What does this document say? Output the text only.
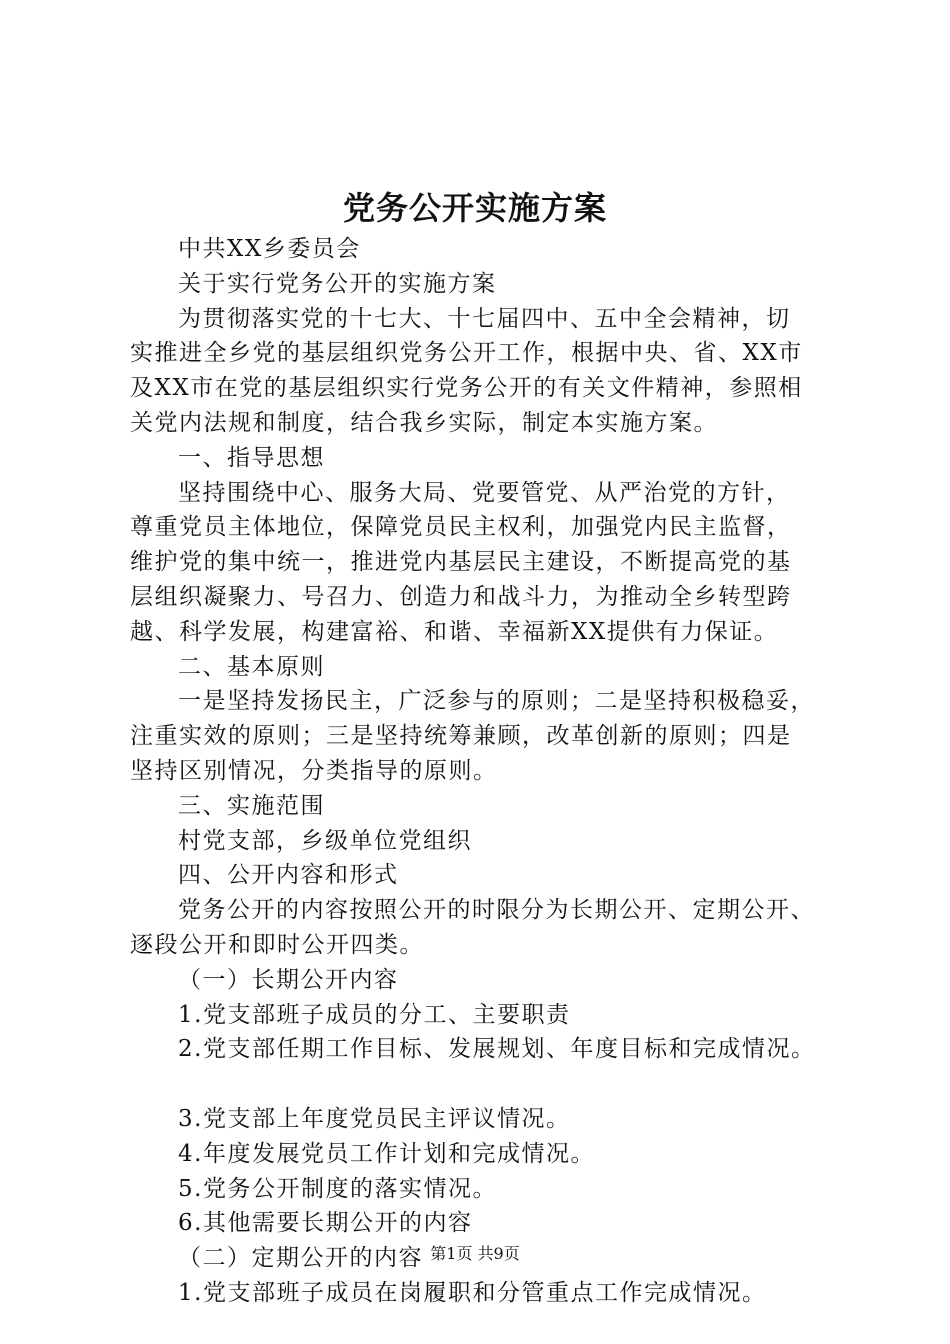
党务公开实施方案
中共XX乡委员会
关于实行党务公开的实施方案
为贯彻落实党的十七大、十七届四中、五中全会精神，切
实推进全乡党的基层组织党务公开工作，根据中央、省、XX市
及XX市在党的基层组织实行党务公开的有关文件精神，参照相
关党内法规和制度，结合我乡实际，制定本实施方案。
一、指导思想
坚持围绕中心、服务大局、党要管党、从严治党的方针，
尊重党员主体地位，保障党员民主权利，加强党内民主监督，
维护党的集中统一，推进党内基层民主建设，不断提高党的基
层组织凝聚力、号召力、创造力和战斗力，为推动全乡转型跨
越、科学发展，构建富裕、和谐、幸福新XX提供有力保证。
二、基本原则
一是坚持发扬民主，广泛参与的原则；二是坚持积极稳妥，
注重实效的原则；三是坚持统筹兼顾，改革创新的原则；四是
坚持区别情况，分类指导的原则。
三、实施范围
村党支部，乡级单位党组织
四、公开内容和形式
党务公开的内容按照公开的时限分为长期公开、定期公开、
逐段公开和即时公开四类。
（一）长期公开内容
1.党支部班子成员的分工、主要职责
2.党支部任期工作目标、发展规划、年度目标和完成情况。
3.党支部上年度党员民主评议情况。
4.年度发展党员工作计划和完成情况。
5.党务公开制度的落实情况。
6.其他需要长期公开的内容
（二）定期公开的内容
1.党支部班子成员在岗履职和分管重点工作完成情况。
第1页 共9页
